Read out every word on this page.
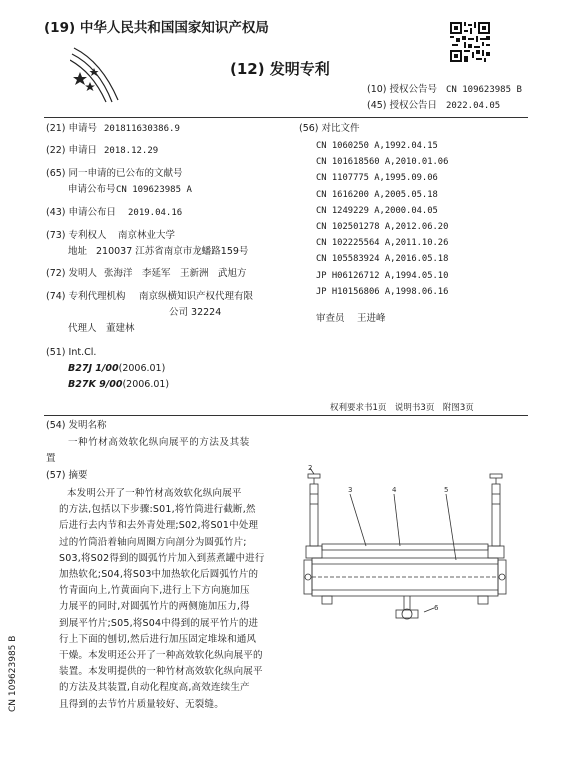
(19) 中华人民共和国国家知识产权局
(12) 发明专利
(10) 授权公告号 CN 109623985 B
(45) 授权公告日 2022.04.05
(21) 申请号 201811630386.9
(22) 申请日 2018.12.29
(65) 同一申请的已公布的文献号
申请公布号 CN 109623985 A
(43) 申请公布日 2019.04.16
(73) 专利权人 南京林业大学
地址 210037 江苏省南京市龙蟠路159号
(72) 发明人 张海洋　李延军　王新洲　武旭方
(74) 专利代理机构 南京纵横知识产权代理有限
公司 32224
代理人 董建林
(51) Int.Cl.
B27J 1/00(2006.01)
B27K 9/00(2006.01)
(56) 对比文件
CN 1060250 A,1992.04.15
CN 101618560 A,2010.01.06
CN 1107775 A,1995.09.06
CN 1616200 A,2005.05.18
CN 1249229 A,2000.04.05
CN 102501278 A,2012.06.20
CN 102225564 A,2011.10.26
CN 105583924 A,2016.05.18
JP H06126712 A,1994.05.10
JP H10156806 A,1998.06.16
审查员 王进峰
权利要求书1页　说明书3页　附图3页
(54) 发明名称
一种竹材高效软化纵向展平的方法及其装
置
(57) 摘要
本发明公开了一种竹材高效软化纵向展平
的方法,包括以下步骤:S01,将竹筒进行截断,然
后进行去内节和去外青处理;S02,将S01中处理
过的竹筒沿着轴向周圈方向剖分为圆弧竹片;
S03,将S02得到的圆弧竹片加入到蒸煮罐中进行
加热软化;S04,将S03中加热软化后圆弧竹片的
竹青面向上,竹黄面向下,进行上下方向施加压
力展平的同时,对圆弧竹片的两侧施加压力,得
到展平竹片;S05,将S04中得到的展平竹片的进
行上下面的刨切,然后进行加压固定堆垛和通风
干燥。本发明还公开了一种高效软化纵向展平的
装置。本发明提供的一种竹材高效软化纵向展平
的方法及其装置,自动化程度高,高效连续生产
且得到的去节竹片质量较好、无裂缝。
2
3	4	5
6
CN 109623985 B
